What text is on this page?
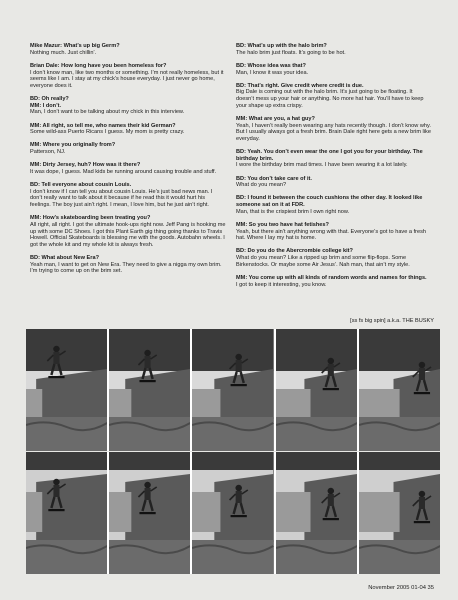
Mike Mazur: What’s up big Germ?
Nothing much. Just chillin’.
Brian Dale: How long have you been homeless for?
I don’t know man, like two months or something. I’m not really homeless, but it seems like I am. I stay at my chick’s house everyday. I just never go home, everyone does it.
BD: Oh really?
MM: I don’t.
Man, I don’t want to be talking about my chick in this interview.
MM: All right, so tell me, who names their kid German?
Some wild-ass Puerto Ricans I guess. My mom is pretty crazy.
MM: Where you originally from?
Patterson, NJ.
MM: Dirty Jersey, huh? How was it there?
It was dope, I guess. Mad kids be running around causing trouble and stuff.
BD: Tell everyone about cousin Louis.
I don’t know if I can tell you about cousin Louis. He’s just bad news man. I don’t really want to talk about it because if he read this it would hurt his feelings. The boy just ain’t right. I mean, I love him, but he just ain’t right.
MM: How’s skateboarding been treating you?
All right, all right. I got the ultimate hook-ups right now. Jeff Pang is hooking me up with some DC Shoes. I got this Plant Earth gig thing going thanks to Travis Howell. Official Skateboards is blessing me with the goods. Autobahn wheels. I got the whole kit and my whole kit is always fresh.
BD: What about New Era?
Yeah man, I want to get on New Era. They need to give a nigga my own brim. I’m trying to come up on the brim set.
BD: What’s up with the halo brim?
The halo brim just floats. It’s going to be hot.
BD: Whose idea was that?
Man, I know it was your idea.
BD: That’s right. Give credit where credit is due.
Big Dale is coming out with the halo brim. It’s just going to be floating. It doesn’t mess up your hair or anything. No more hat hair. You’ll have to keep your shape up extra crispy.
MM: What are you, a hat guy?
Yeah, I haven’t really been wearing any hats recently though. I don’t know why. But I usually always got a fresh brim. Brain Dale right here gets a new brim like everyday.
BD: Yeah. You don’t even wear the one I got you for your birthday. The birthday brim.
I wore the birthday brim mad times. I have been wearing it a lot lately.
BD: You don’t take care of it.
What do you mean?
BD: I found it between the couch cushions the other day. It looked like someone sat on it at FDR.
Man, that is the crispiest brim I own right now.
MM: So you two have hat fetishes?
Yeah, but there ain’t anything wrong with that. Everyone’s got to have a fresh hat. Where I lay my hat is home.
BD: Do you do the Abercrombie college kit?
What do you mean? Like a ripped up brim and some flip-flops. Some Birkenstocks. Or maybe some Air Jesus’. Nah man, that ain’t my style.
MM: You come up with all kinds of random words and names for things.
I got to keep it interesting, you know.
[ss fs big spin] a.k.a. THE BUSKY
November 2005 01-04 35
